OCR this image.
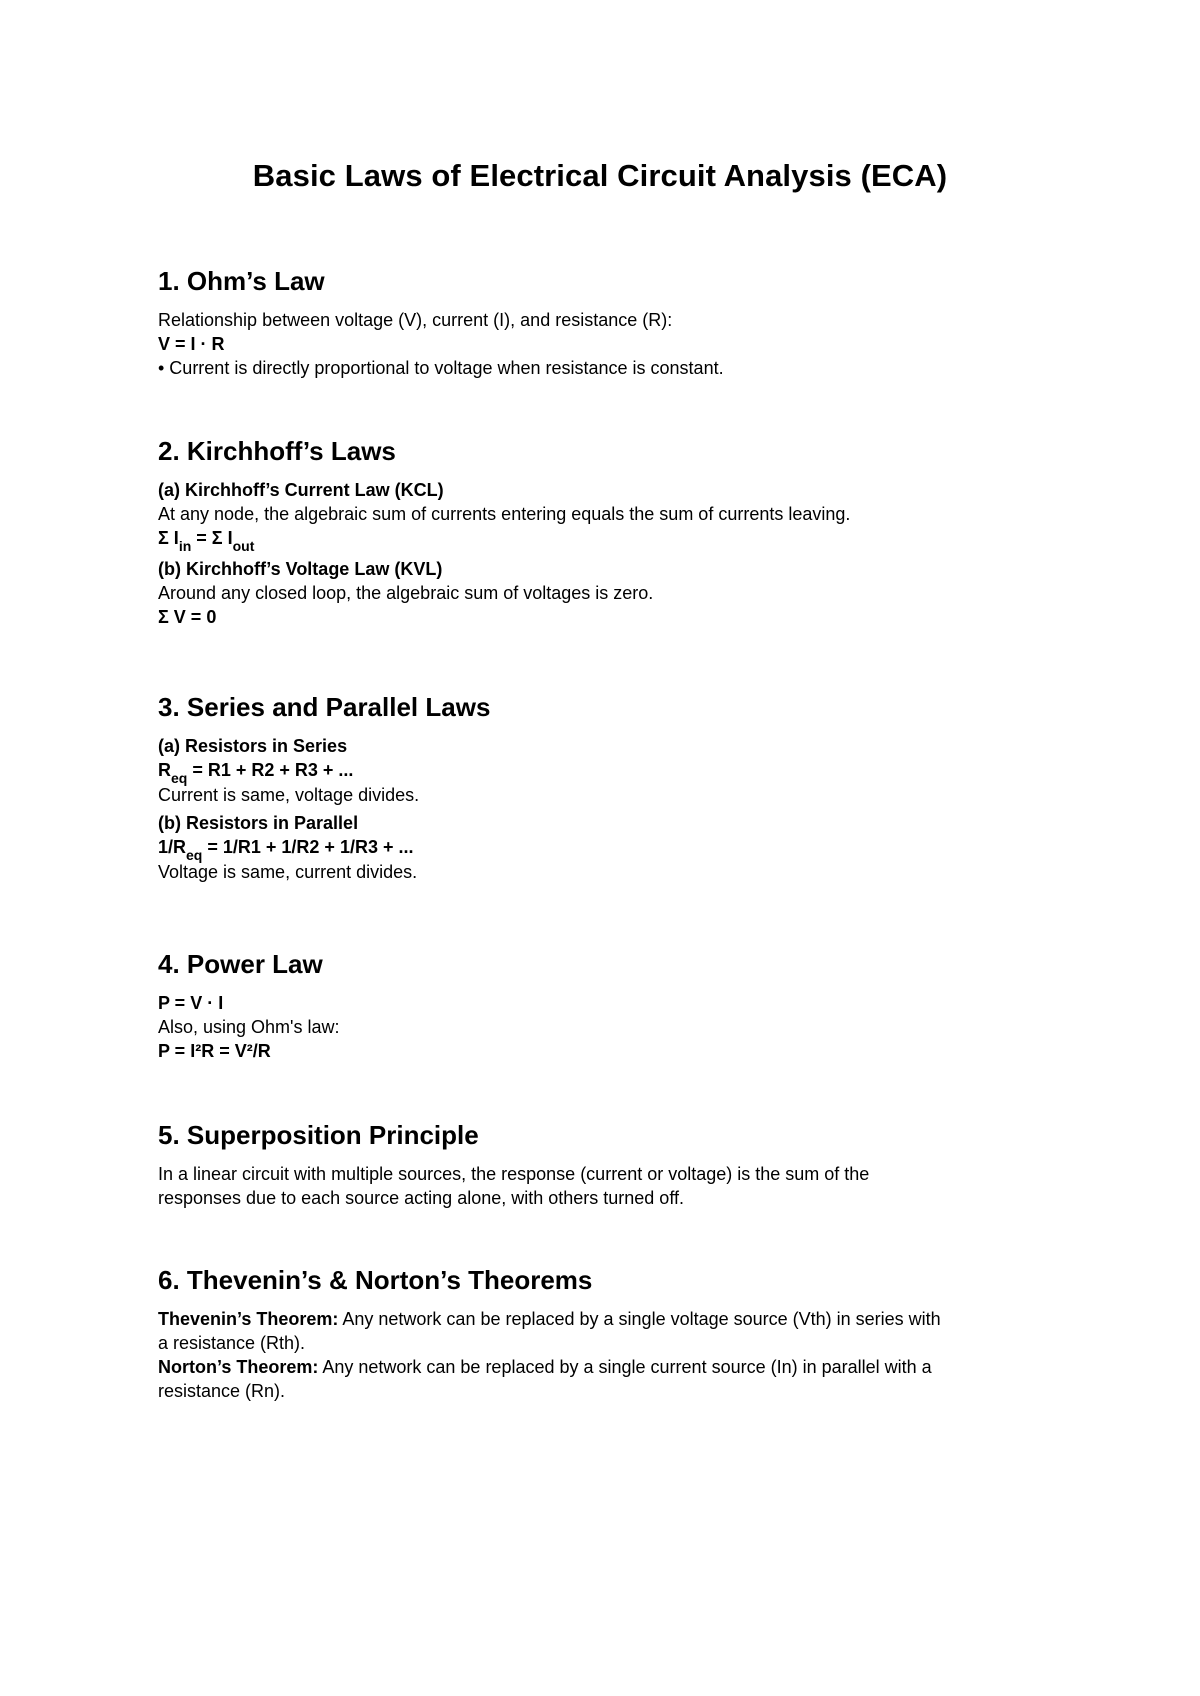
Basic Laws of Electrical Circuit Analysis (ECA)
1. Ohm’s Law

Relationship between voltage (V), current (I), and resistance (R):

V = I · R

• Current is directly proportional to voltage when resistance is constant.

2. Kirchhoff’s Laws

(a) Kirchhoff’s Current Law (KCL)

At any node, the algebraic sum of currents entering equals the sum of currents leaving.

Σ $I_{in} = \Sigma$ $I_{out}$

(b) Kirchhoff’s Voltage Law (KVL)

Around any closed loop, the algebraic sum of voltages is zero.

Σ V = 0

3. Series and Parallel Laws

(a) Resistors in Series

$R_{eq} = R1 + R2 + R3$ + ...

Current is same, voltage divides.

(b) Resistors in Parallel

$1/R_{eq} = 1/R1 + 1/R2 + 1/R3$ + ...

Voltage is same, current divides.

4. Power Law

P = V · I

Also, using Ohm's law:

P = I²R = V²/R

5. Superposition Principle

In a linear circuit with multiple sources, the response (current or voltage) is the sum of the

responses due to each source acting alone, with others turned off.

6. Thevenin’s & Norton’s Theorems

Thevenin’s Theorem: Any network can be replaced by a single voltage source (Vth) in series with

a resistance (Rth).

Norton’s Theorem: Any network can be replaced by a single current source (In) in parallel with a

resistance (Rn).
